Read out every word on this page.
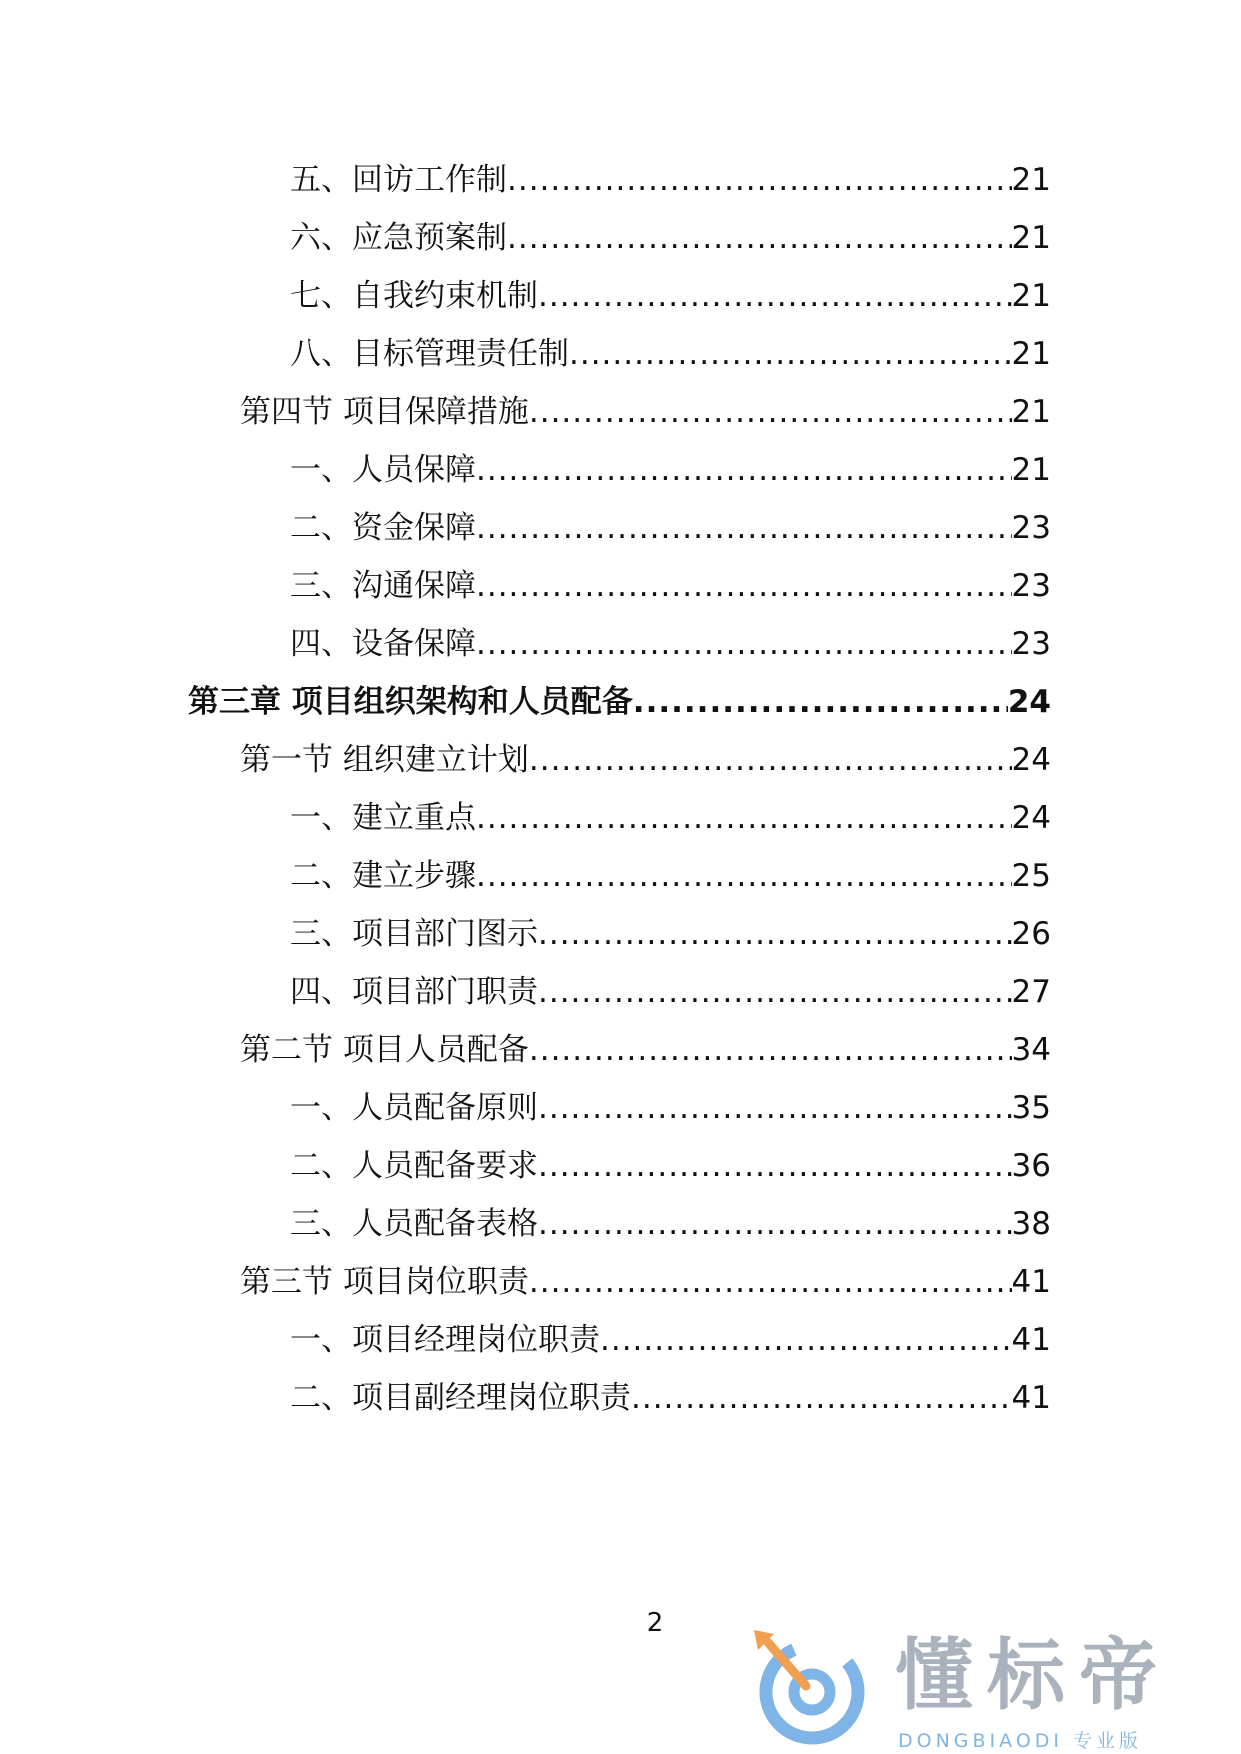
五、回访工作制 .....	21
六、应急预案制 .....	21
七、自我约束机制 .....	21
八、目标管理责任制 .....	21
第四节 项目保障措施 .....	21
一、人员保障 .....	21
二、资金保障 .....	23
三、沟通保障 .....	23
四、设备保障 .....	23
第三章 项目组织架构和人员配备 .....	24
第一节 组织建立计划 .....	24
一、建立重点 .....	24
二、建立步骤 .....	25
三、项目部门图示 .....	26
四、项目部门职责 .....	27
第二节 项目人员配备 .....	34
一、人员配备原则 .....	35
二、人员配备要求 .....	36
三、人员配备表格 .....	38
第三节 项目岗位职责 .....	41
一、项目经理岗位职责 .....	41
二、项目副经理岗位职责 .....	41
2
懂标帝
DONGBIAODI 专业版
